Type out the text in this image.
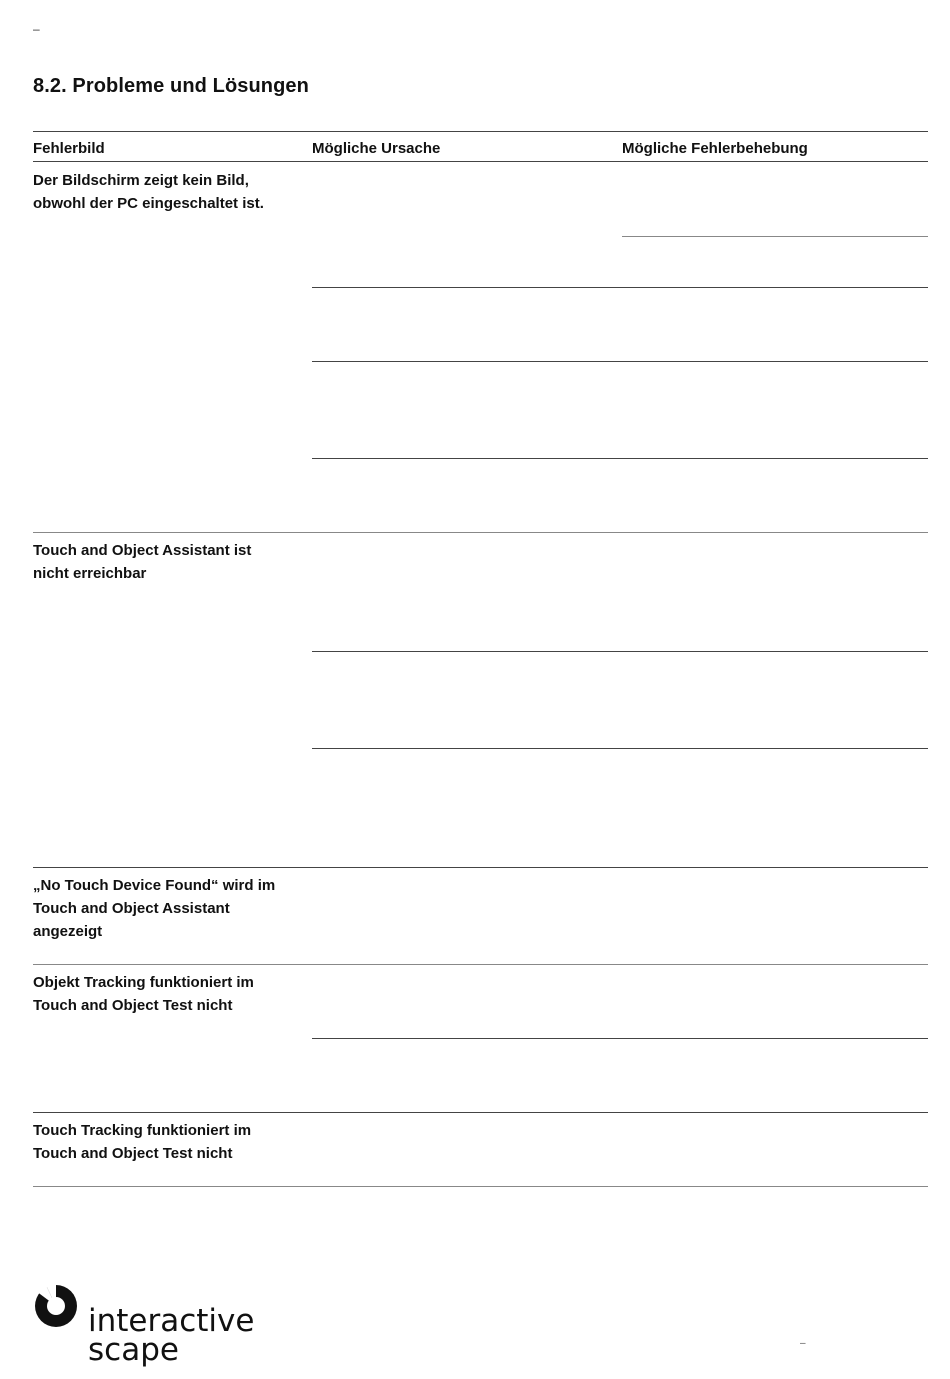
–
8.2. Probleme und Lösungen
Fehlerbild	Mögliche Ursache	Mögliche Fehlerbehebung
Der Bildschirm zeigt kein Bild,
obwohl der PC eingeschaltet ist.
Touch and Object Assistant ist
nicht erreichbar
„No Touch Device Found“ wird im
Touch and Object Assistant
angezeigt
Objekt Tracking funktioniert im
Touch and Object Test nicht
Touch Tracking funktioniert im
Touch and Object Test nicht
interactive
scape	–
